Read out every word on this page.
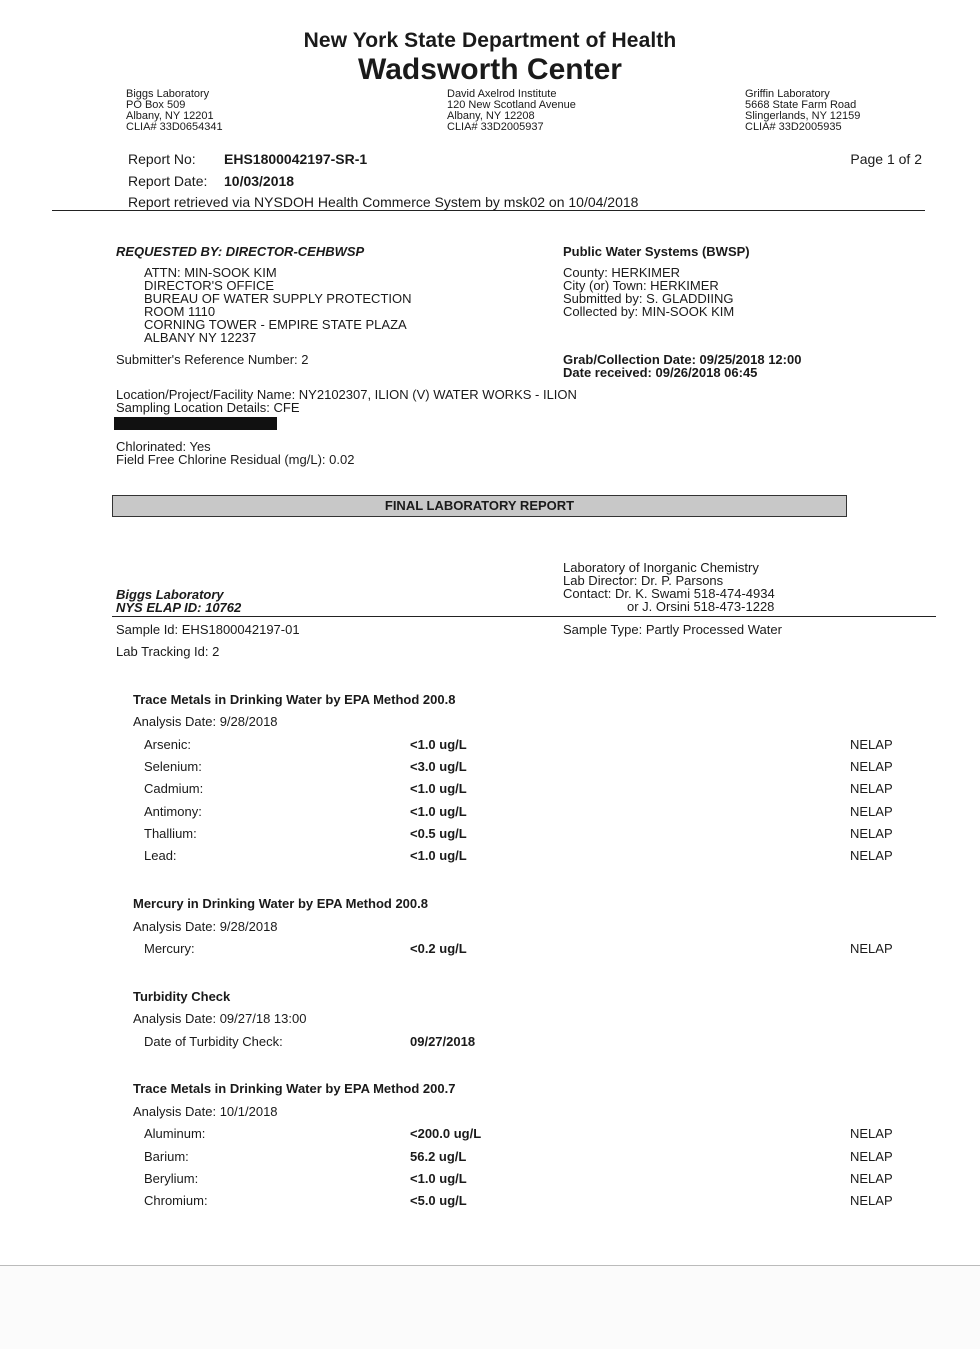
New York State Department of Health
Wadsworth Center
Biggs Laboratory
PO Box 509
Albany, NY 12201
CLIA# 33D0654341
David Axelrod Institute
120 New Scotland Avenue
Albany, NY 12208
CLIA# 33D2005937
Griffin Laboratory
5668 State Farm Road
Slingerlands, NY 12159
CLIA# 33D2005935
Report No: EHS1800042197-SR-1
Report Date: 10/03/2018
Page 1 of 2
Report retrieved via NYSDOH Health Commerce System by msk02 on 10/04/2018
REQUESTED BY: DIRECTOR-CEHBWSP
ATTN: MIN-SOOK KIM
DIRECTOR'S OFFICE
BUREAU OF WATER SUPPLY PROTECTION
ROOM 1110
CORNING TOWER - EMPIRE STATE PLAZA
ALBANY NY 12237
Submitter's Reference Number: 2
Public Water Systems (BWSP)
County: HERKIMER
City (or) Town: HERKIMER
Submitted by: S. GLADDIING
Collected by: MIN-SOOK KIM
Grab/Collection Date: 09/25/2018 12:00
Date received: 09/26/2018 06:45
Location/Project/Facility Name: NY2102307, ILION (V) WATER WORKS - ILION
Sampling Location Details: CFE
Chlorinated: Yes
Field Free Chlorine Residual (mg/L): 0.02
FINAL LABORATORY REPORT
Laboratory of Inorganic Chemistry
Lab Director: Dr. P. Parsons
Contact: Dr. K. Swami 518-474-4934
or J. Orsini 518-473-1228
Biggs Laboratory
NYS ELAP ID: 10762
Sample Id: EHS1800042197-01	Sample Type: Partly Processed Water
Lab Tracking Id: 2
Trace Metals in Drinking Water by EPA Method 200.8
Analysis Date: 9/28/2018
Arsenic:	<1.0 ug/L	NELAP
Selenium:	<3.0 ug/L	NELAP
Cadmium:	<1.0 ug/L	NELAP
Antimony:	<1.0 ug/L	NELAP
Thallium:	<0.5 ug/L	NELAP
Lead:	<1.0 ug/L	NELAP
Mercury in Drinking Water by EPA Method 200.8
Analysis Date: 9/28/2018
Mercury:	<0.2 ug/L	NELAP
Turbidity Check
Analysis Date: 09/27/18 13:00
Date of Turbidity Check:	09/27/2018
Trace Metals in Drinking Water by EPA Method 200.7
Analysis Date: 10/1/2018
Aluminum:	<200.0 ug/L	NELAP
Barium:	56.2 ug/L	NELAP
Berylium:	<1.0 ug/L	NELAP
Chromium:	<5.0 ug/L	NELAP
